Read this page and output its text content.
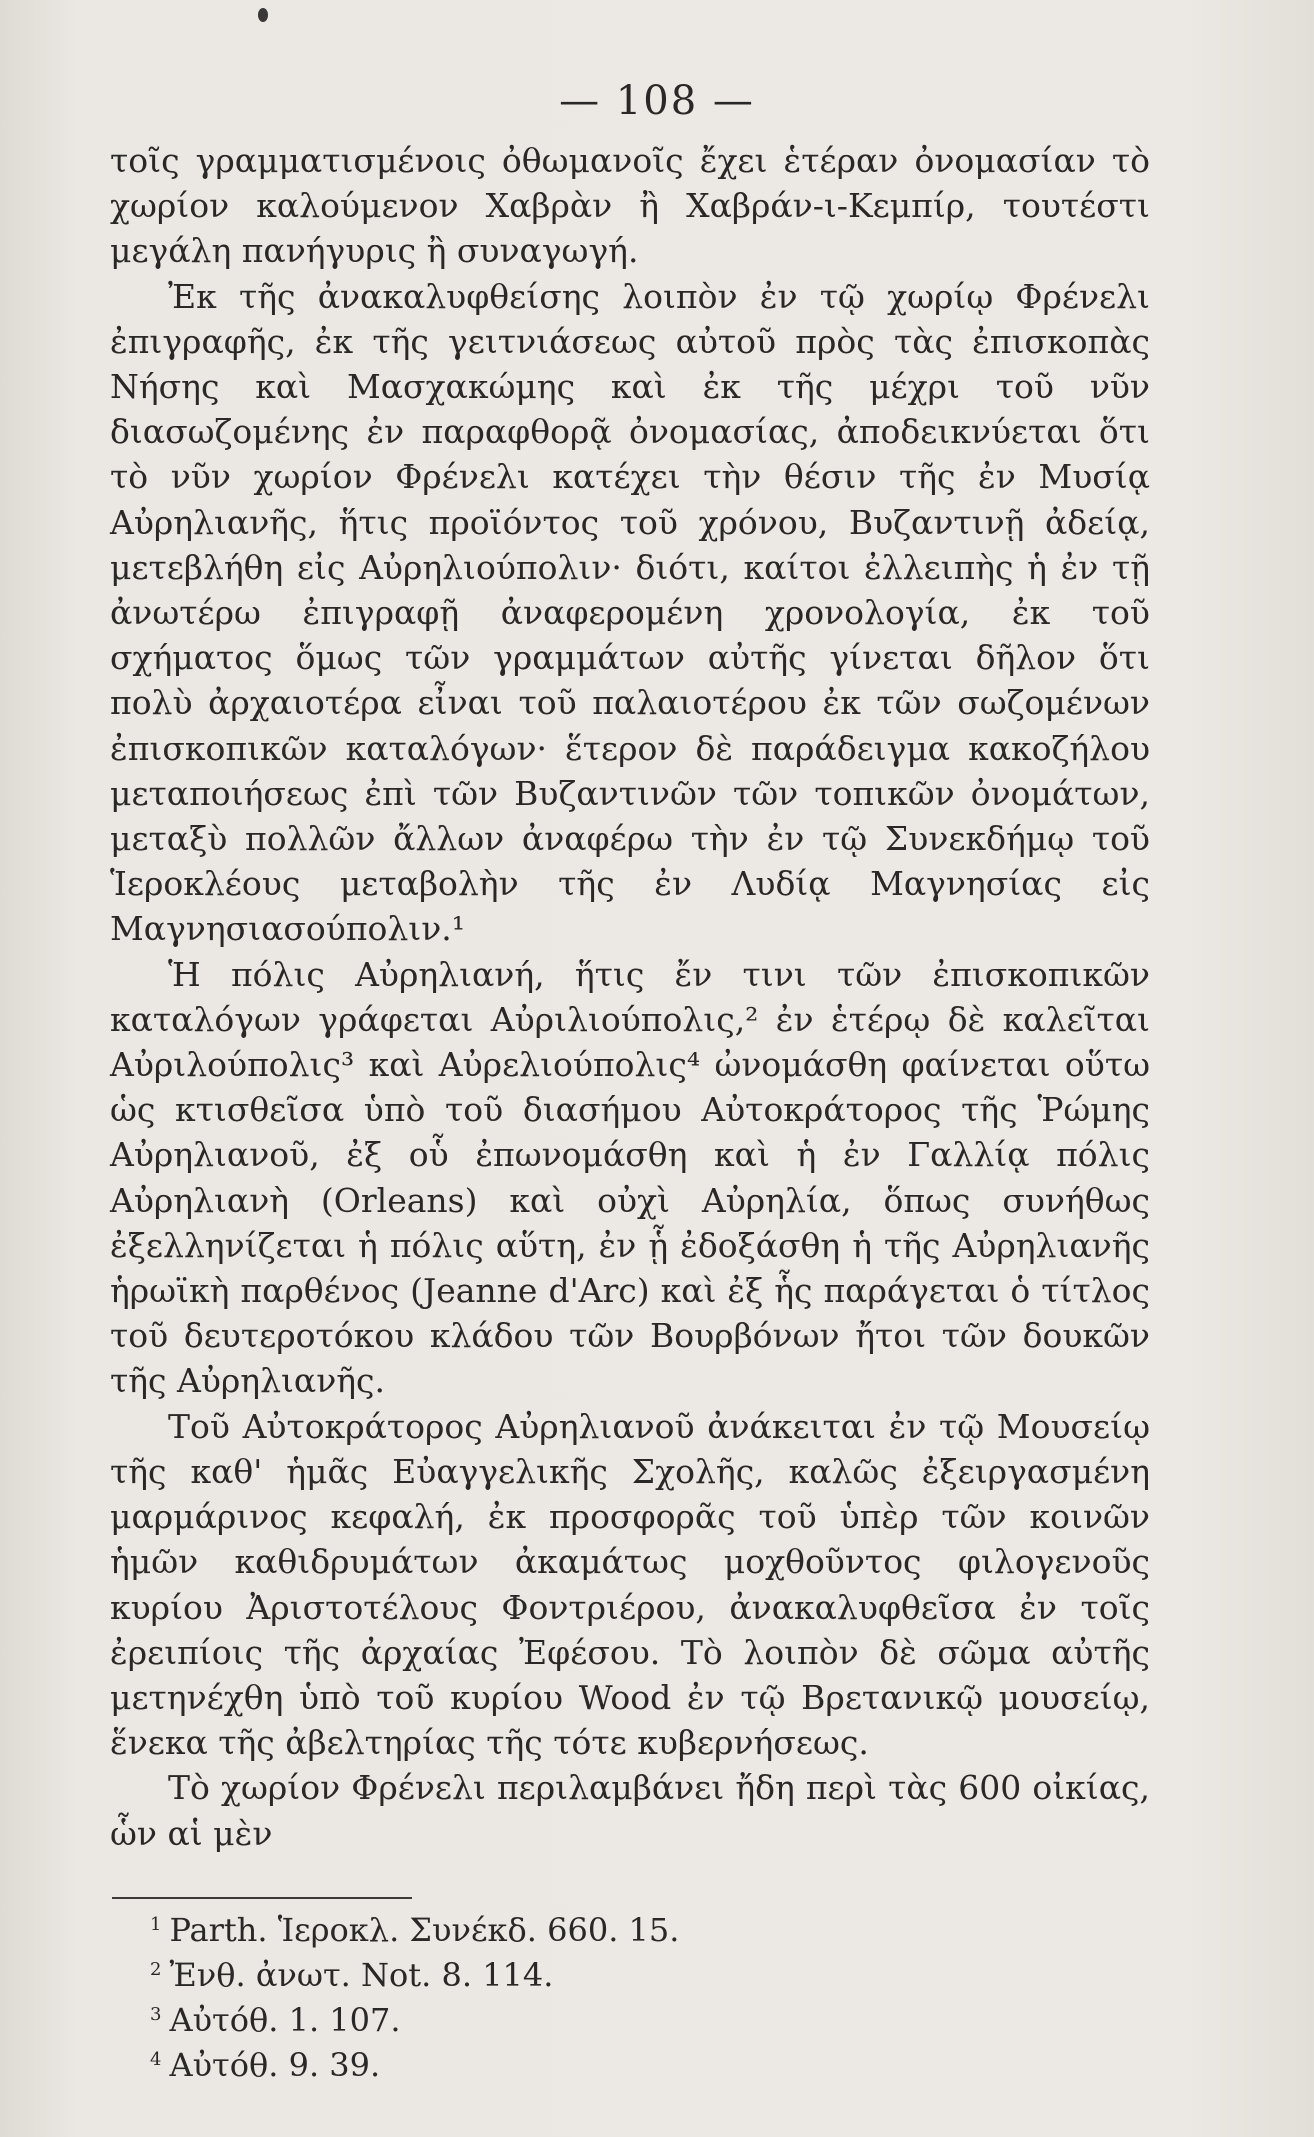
— 108 —

τοῖς γραμματισμένοις ὀθωμανοῖς ἔχει ἑτέραν ὀνομασίαν τὸ χωρίον καλούμενον Χαβρὰν ἢ Χαβράν-ι-Κεμπίρ, τουτέστι μεγάλη πανήγυρις ἢ συναγωγή.

Ἐκ τῆς ἀνακαλυφθείσης λοιπὸν ἐν τῷ χωρίῳ Φρένελι ἐπιγραφῆς, ἐκ τῆς γειτνιάσεως αὐτοῦ πρὸς τὰς ἐπισκοπὰς Νήσης καὶ Μασχακώμης καὶ ἐκ τῆς μέχρι τοῦ νῦν διασωζομένης ἐν παραφθορᾷ ὀνομασίας, ἀποδεικνύεται ὅτι τὸ νῦν χωρίον Φρένελι κατέχει τὴν θέσιν τῆς ἐν Μυσίᾳ Αὐρηλιανῆς, ἥτις προϊόντος τοῦ χρόνου, Βυζαντινῇ ἀδείᾳ, μετεβλήθη εἰς Αὐρηλιούπολιν· διότι, καίτοι ἐλλειπὴς ἡ ἐν τῇ ἀνωτέρω ἐπιγραφῇ ἀναφερομένη χρονολογία, ἐκ τοῦ σχήματος ὅμως τῶν γραμμάτων αὐτῆς γίνεται δῆλον ὅτι πολὺ ἀρχαιοτέρα εἶναι τοῦ παλαιοτέρου ἐκ τῶν σωζομένων ἐπισκοπικῶν καταλόγων· ἕτερον δὲ παράδειγμα κακοζήλου μεταποιήσεως ἐπὶ τῶν Βυζαντινῶν τῶν τοπικῶν ὀνομάτων, μεταξὺ πολλῶν ἄλλων ἀναφέρω τὴν ἐν τῷ Συνεκδήμῳ τοῦ Ἱεροκλέους μεταβολὴν τῆς ἐν Λυδίᾳ Μαγνησίας εἰς Μαγνησιασούπολιν.¹

Ἡ πόλις Αὐρηλιανή, ἥτις ἔν τινι τῶν ἐπισκοπικῶν καταλόγων γράφεται Αὐριλιούπολις,² ἐν ἑτέρῳ δὲ καλεῖται Αὐριλούπολις³ καὶ Αὐρελιούπολις⁴ ὠνομάσθη φαίνεται οὕτω ὡς κτισθεῖσα ὑπὸ τοῦ διασήμου Αὐτοκράτορος τῆς Ῥώμης Αὐρηλιανοῦ, ἐξ οὗ ἐπωνομάσθη καὶ ἡ ἐν Γαλλίᾳ πόλις Αὐρηλιανὴ (Orleans) καὶ οὐχὶ Αὐρηλία, ὅπως συνήθως ἐξελληνίζεται ἡ πόλις αὕτη, ἐν ᾗ ἐδοξάσθη ἡ τῆς Αὐρηλιανῆς ἡρωϊκὴ παρθένος (Jeanne d'Arc) καὶ ἐξ ἧς παράγεται ὁ τίτλος τοῦ δευτεροτόκου κλάδου τῶν Βουρβόνων ἤτοι τῶν δουκῶν τῆς Αὐρηλιανῆς.

Τοῦ Αὐτοκράτορος Αὐρηλιανοῦ ἀνάκειται ἐν τῷ Μουσείῳ τῆς καθ' ἡμᾶς Εὐαγγελικῆς Σχολῆς, καλῶς ἐξειργασμένη μαρμάρινος κεφαλή, ἐκ προσφορᾶς τοῦ ὑπὲρ τῶν κοινῶν ἡμῶν καθιδρυμάτων ἀκαμάτως μοχθοῦντος φιλογενοῦς κυρίου Ἀριστοτέλους Φοντριέρου, ἀνακαλυφθεῖσα ἐν τοῖς ἐρειπίοις τῆς ἀρχαίας Ἐφέσου. Τὸ λοιπὸν δὲ σῶμα αὐτῆς μετηνέχθη ὑπὸ τοῦ κυρίου Wood ἐν τῷ Βρετανικῷ μουσείῳ, ἕνεκα τῆς ἀβελτηρίας τῆς τότε κυβερνήσεως.

Τὸ χωρίον Φρένελι περιλαμβάνει ἤδη περὶ τὰς 600 οἰκίας, ὧν αἱ μὲν

$^1$ Parth. Ἱεροκλ. Συνέκδ. 660. 15.
$^2$ Ἐνθ. ἀνωτ. Not. 8. 114.
$^3$ Αὐτόθ. 1. 107.
$^4$ Αὐτόθ. 9. 39.
